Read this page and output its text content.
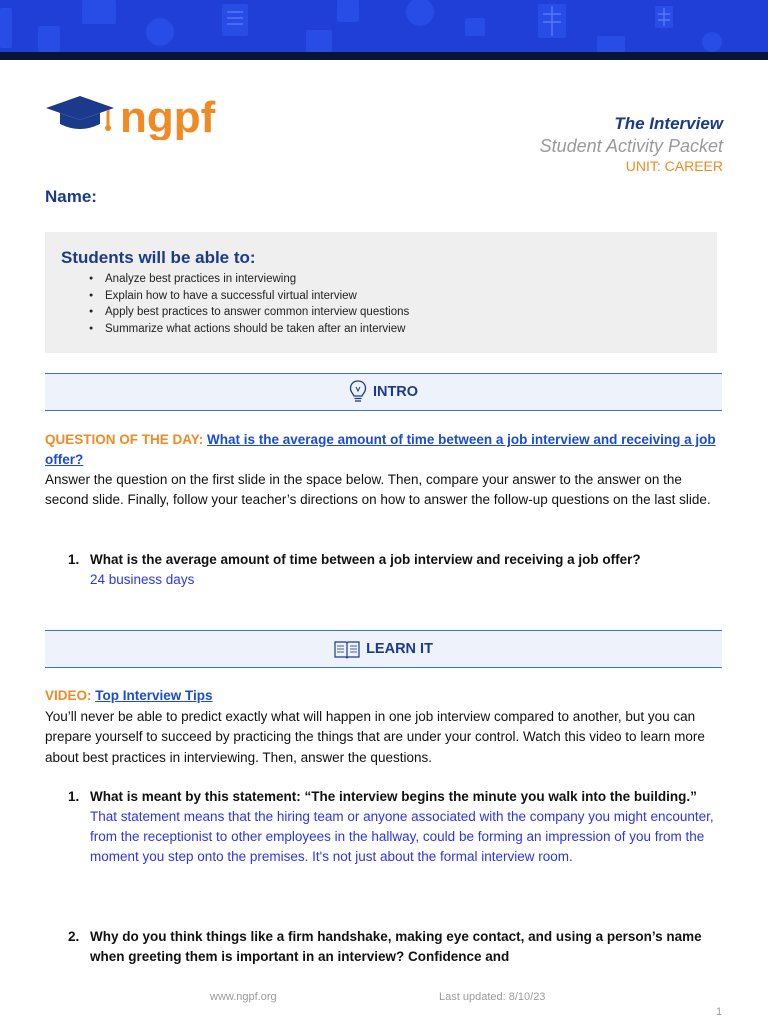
ngpf	The Interview
Student Activity Packet
UNIT: CAREER
Name:
Students will be able to:
● Analyze best practices in interviewing
● Explain how to have a successful virtual interview
● Apply best practices to answer common interview questions
● Summarize what actions should be taken after an interview
INTRO
QUESTION OF THE DAY: What is the average amount of time between a job interview and receiving a job offer?
Answer the question on the first slide in the space below. Then, compare your answer to the answer on the second slide. Finally, follow your teacher’s directions on how to answer the follow-up questions on the last slide.
1. What is the average amount of time between a job interview and receiving a job offer?
24 business days
LEARN IT
VIDEO: Top Interview Tips
You’ll never be able to predict exactly what will happen in one job interview compared to another, but you can prepare yourself to succeed by practicing the things that are under your control. Watch this video to learn more about best practices in interviewing. Then, answer the questions.
1. What is meant by this statement: “The interview begins the minute you walk into the building.”
That statement means that the hiring team or anyone associated with the company you might encounter, from the receptionist to other employees in the hallway, could be forming an impression of you from the moment you step onto the premises. It's not just about the formal interview room.
2. Why do you think things like a firm handshake, making eye contact, and using a person’s name when greeting them is important in an interview? Confidence and
www.ngpf.org	Last updated: 8/10/23
1
